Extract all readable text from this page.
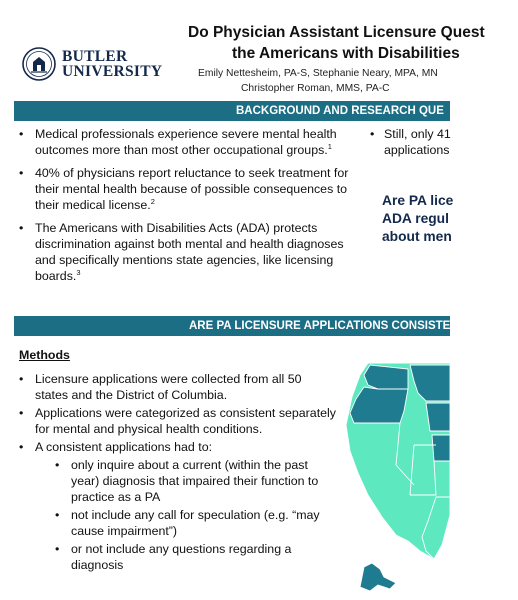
BUTLER
UNIVERSITY
Do Physician Assistant Licensure Quest
the Americans with Disabilities
Emily Nettesheim, PA-S, Stephanie Neary, MPA, MN
Christopher Roman, MMS, PA-C
BACKGROUND AND RESEARCH QUE
• Medical professionals experience severe mental health outcomes more than most other occupational groups.$^1$
• 40% of physicians report reluctance to seek treatment for their mental health because of possible consequences to their medical license.$^2$
• The Americans with Disabilities Acts (ADA) protects discrimination against both mental and health diagnoses and specifically mentions state agencies, like licensing boards.$^3$
• Still, only 41
applications
Are PA lice
ADA regul
about men
ARE PA LICENSURE APPLICATIONS CONSISTENT
Methods
• Licensure applications were collected from all 50 states and the District of Columbia.
• Applications were categorized as consistent separately for mental and physical health conditions.
• A consistent applications had to:
• only inquire about a current (within the past year) diagnosis that impaired their function to practice as a PA
• not include any call for speculation (e.g. “may cause impairment”)
• or not include any questions regarding a diagnosis
